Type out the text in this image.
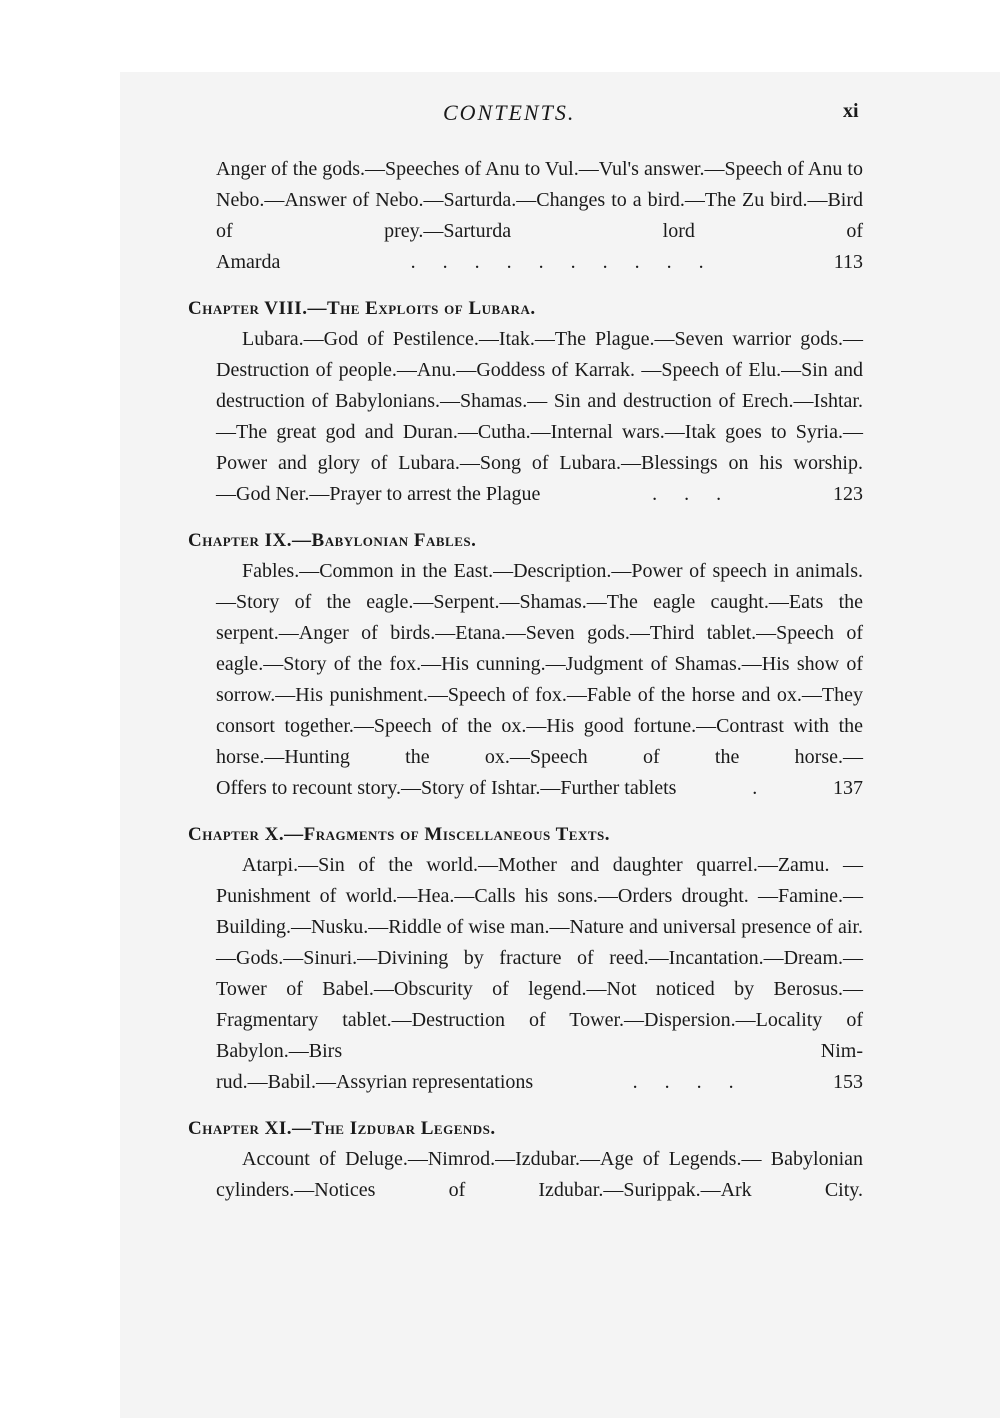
CONTENTS.	xi

Anger of the gods.—Speeches of Anu to Vul.—Vul's answer.—Speech of Anu to Nebo.—Answer of Nebo.—Sarturda.—Changes to a bird.—The Zu bird.—Bird of prey.—Sarturda lord of

Amarda	. . . . . . . . . .	113
Chapter VIII.—The Exploits of Lubara.

Lubara.—God of Pestilence.—Itak.—The Plague.—Seven warrior gods.—Destruction of people.—Anu.—Goddess of Karrak. —Speech of Elu.—Sin and destruction of Babylonians.—Shamas.— Sin and destruction of Erech.—Ishtar.—The great god and Duran.—Cutha.—Internal wars.—Itak goes to Syria.—Power and glory of Lubara.—Song of Lubara.—Blessings on his worship.

—God Ner.—Prayer to arrest the Plague	. . .	123
Chapter IX.—Babylonian Fables.

Fables.—Common in the East.—Description.—Power of speech in animals.—Story of the eagle.—Serpent.—Shamas.—The eagle caught.—Eats the serpent.—Anger of birds.—Etana.—Seven gods.—Third tablet.—Speech of eagle.—Story of the fox.—His cunning.—Judgment of Shamas.—His show of sorrow.—His punishment.—Speech of fox.—Fable of the horse and ox.—They consort together.—Speech of the ox.—His good fortune.—Contrast with the horse.—Hunting the ox.—Speech of the horse.—

Offers to recount story.—Story of Ishtar.—Further tablets	.	137
Chapter X.—Fragments of Miscellaneous Texts.

Atarpi.—Sin of the world.—Mother and daughter quarrel.—Zamu. —Punishment of world.—Hea.—Calls his sons.—Orders drought. —Famine.—Building.—Nusku.—Riddle of wise man.—Nature and universal presence of air.—Gods.—Sinuri.—Divining by fracture of reed.—Incantation.—Dream.—Tower of Babel.—Obscurity of legend.—Not noticed by Berosus.—Fragmentary tablet.—Destruction of Tower.—Dispersion.—Locality of Babylon.—Birs Nim-

rud.—Babil.—Assyrian representations	. . . .	153
Chapter XI.—The Izdubar Legends.

Account of Deluge.—Nimrod.—Izdubar.—Age of Legends.— Babylonian cylinders.—Notices of Izdubar.—Surippak.—Ark City.
